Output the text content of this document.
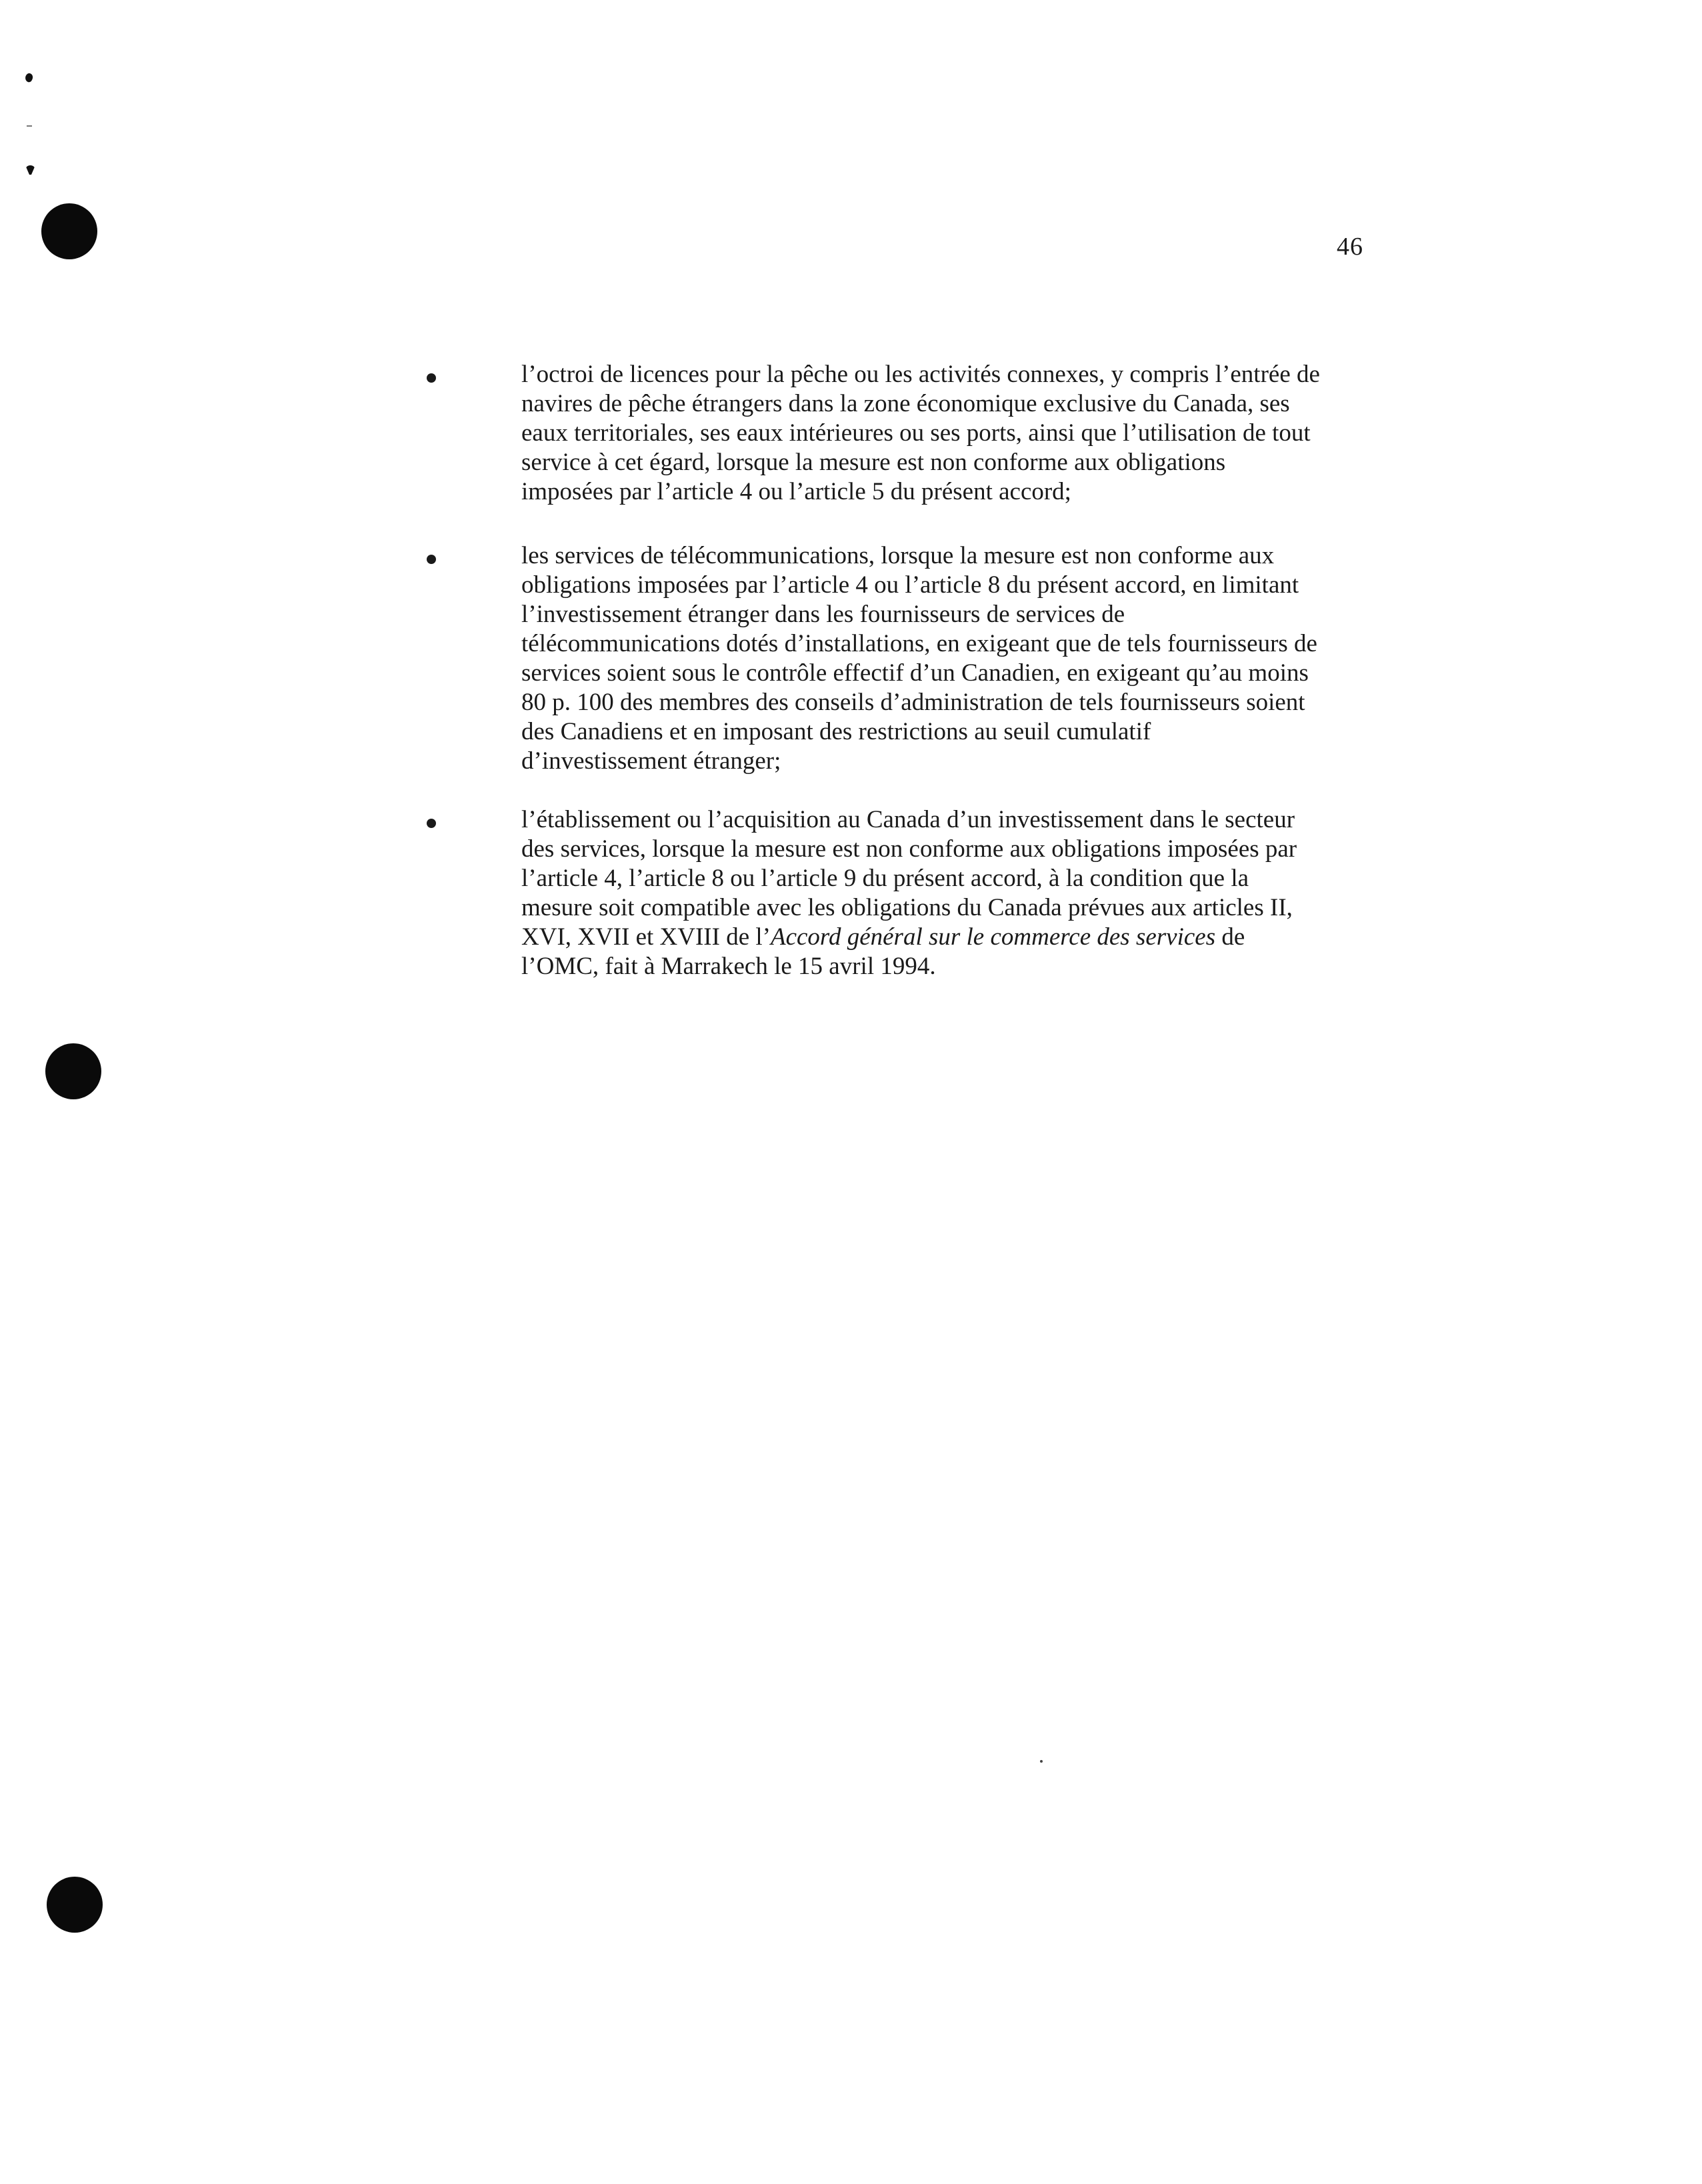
46
l’octroi de licences pour la pêche ou les activités connexes, y compris l’entrée de
navires de pêche étrangers dans la zone économique exclusive du Canada, ses
eaux territoriales, ses eaux intérieures ou ses ports, ainsi que l’utilisation de tout
service à cet égard, lorsque la mesure est non conforme aux obligations
imposées par l’article 4 ou l’article 5 du présent accord;
les services de télécommunications, lorsque la mesure est non conforme aux
obligations imposées par l’article 4 ou l’article 8 du présent accord, en limitant
l’investissement étranger dans les fournisseurs de services de
télécommunications dotés d’installations, en exigeant que de tels fournisseurs de
services soient sous le contrôle effectif d’un Canadien, en exigeant qu’au moins
80 p. 100 des membres des conseils d’administration de tels fournisseurs soient
des Canadiens et en imposant des restrictions au seuil cumulatif
d’investissement étranger;
l’établissement ou l’acquisition au Canada d’un investissement dans le secteur
des services, lorsque la mesure est non conforme aux obligations imposées par
l’article 4, l’article 8 ou l’article 9 du présent accord, à la condition que la
mesure soit compatible avec les obligations du Canada prévues aux articles II,
XVI, XVII et XVIII de l’Accord général sur le commerce des services de
l’OMC, fait à Marrakech le 15 avril 1994.
